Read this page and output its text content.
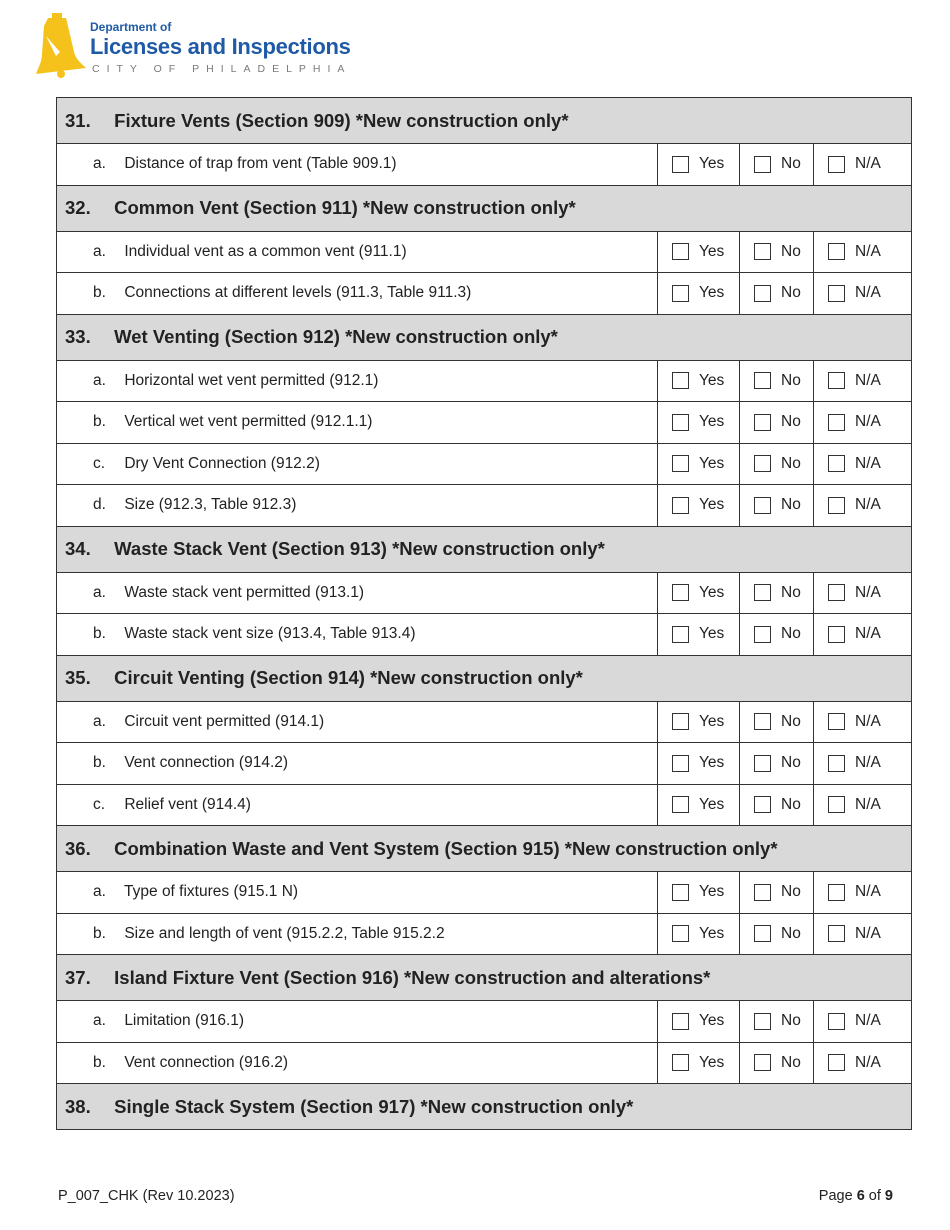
Department of
Licenses and Inspections
CITY OF PHILADELPHIA
31. Fixture Vents (Section 909) *New construction only*			
a. Distance of trap from vent (Table 909.1)	Yes	No	N/A

32. Common Vent (Section 911) *New construction only*			
a. Individual vent as a common vent (911.1)	Yes	No	N/A

b. Connections at different levels (911.3, Table 911.3)	Yes	No	N/A

33. Wet Venting (Section 912) *New construction only*			
a. Horizontal wet vent permitted (912.1)	Yes	No	N/A

b. Vertical wet vent permitted (912.1.1)	Yes	No	N/A

c. Dry Vent Connection (912.2)	Yes	No	N/A

d. Size (912.3, Table 912.3)	Yes	No	N/A

34. Waste Stack Vent (Section 913) *New construction only*			
a. Waste stack vent permitted (913.1)	Yes	No	N/A

b. Waste stack vent size (913.4, Table 913.4)	Yes	No	N/A

35. Circuit Venting (Section 914) *New construction only*			
a. Circuit vent permitted (914.1)	Yes	No	N/A

b. Vent connection (914.2)	Yes	No	N/A

c. Relief vent (914.4)	Yes	No	N/A

36. Combination Waste and Vent System (Section 915) *New construction only*			
a. Type of fixtures (915.1 N)	Yes	No	N/A

b. Size and length of vent (915.2.2, Table 915.2.2	Yes	No	N/A

37. Island Fixture Vent (Section 916) *New construction and alterations*			
a. Limitation (916.1)	Yes	No	N/A

b. Vent connection (916.2)	Yes	No	N/A

38. Single Stack System (Section 917) *New construction only*			
P_007_CHK (Rev 10.2023)	Page 6 of 9
